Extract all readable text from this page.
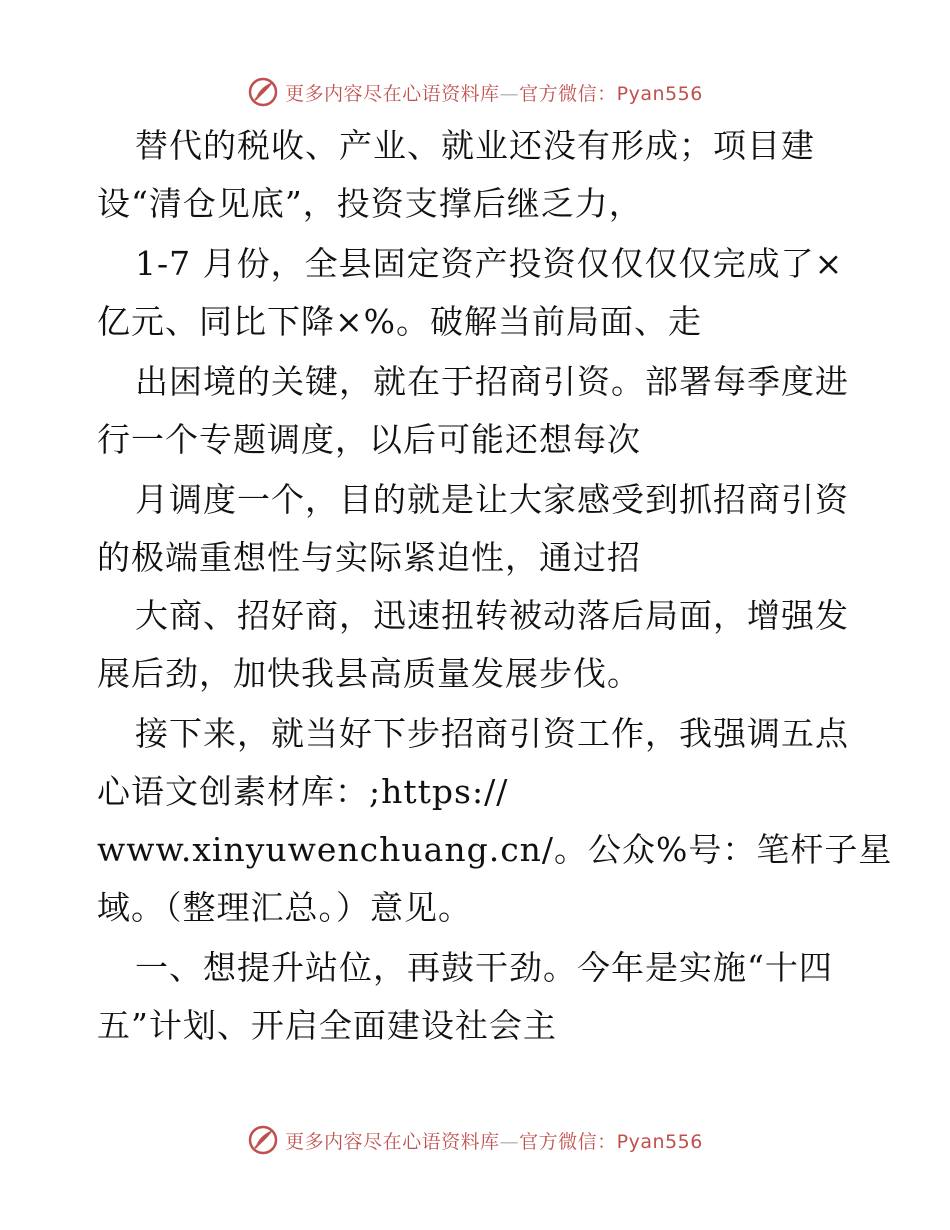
更多内容尽在心语资料库—官方微信：Pyan556
替代的税收、产业、就业还没有形成；项目建
设“清仓见底”，投资支撑后继乏力，
1-7 月份，全县固定资产投资仅仅仅仅完成了×
亿元、同比下降×%。破解当前局面、走
出困境的关键，就在于招商引资。部署每季度进
行一个专题调度，以后可能还想每次
月调度一个，目的就是让大家感受到抓招商引资
的极端重想性与实际紧迫性，通过招
大商、招好商，迅速扭转被动落后局面，增强发
展后劲，加快我县高质量发展步伐。
接下来，就当好下步招商引资工作，我强调五点
心语文创素材库：;https://
www.xinyuwenchuang.cn/。公众%号：笔杆子星
域。（整理汇总。）意见。
一、想提升站位，再鼓干劲。今年是实施“十四
五”计划、开启全面建设社会主
更多内容尽在心语资料库—官方微信：Pyan556
